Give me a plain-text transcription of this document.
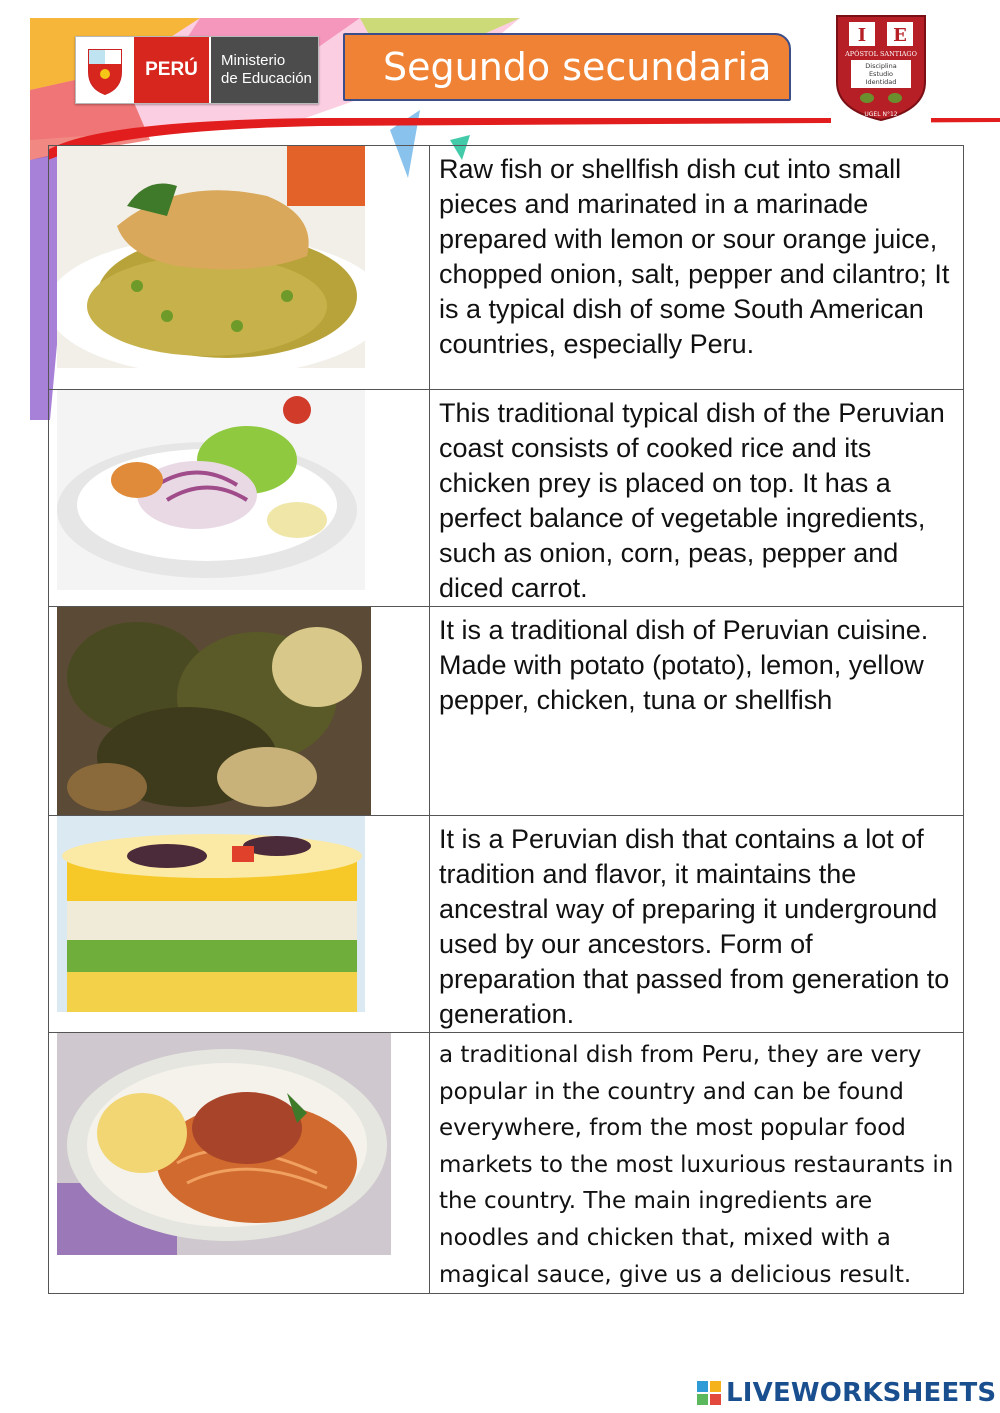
PERÚ	Ministerio
de Educación	Segundo secundaria
I E
APÓSTOL SANTIAGO
Disciplina
Estudio
Identidad
UGEL N°12
	Raw fish or shellfish dish cut into small pieces and marinated in a marinade prepared with lemon or sour orange juice, chopped onion, salt, pepper and cilantro; It is a typical dish of some South American countries, especially Peru.

	This traditional typical dish of the Peruvian coast consists of cooked rice and its chicken prey is placed on top. It has a perfect balance of vegetable ingredients, such as onion, corn, peas, pepper and diced carrot.

	It is a traditional dish of Peruvian cuisine. Made with potato (potato), lemon, yellow pepper, chicken, tuna or shellfish

	It is a Peruvian dish that contains a lot of tradition and flavor, it maintains the ancestral way of preparing it underground used by our ancestors. Form of preparation that passed from generation to generation.

	a traditional dish from Peru, they are very popular in the country and can be found everywhere, from the most popular food markets to the most luxurious restaurants in the country. The main ingredients are noodles and chicken that, mixed with a magical sauce, give us a delicious result.
LIVEWORKSHEETS
